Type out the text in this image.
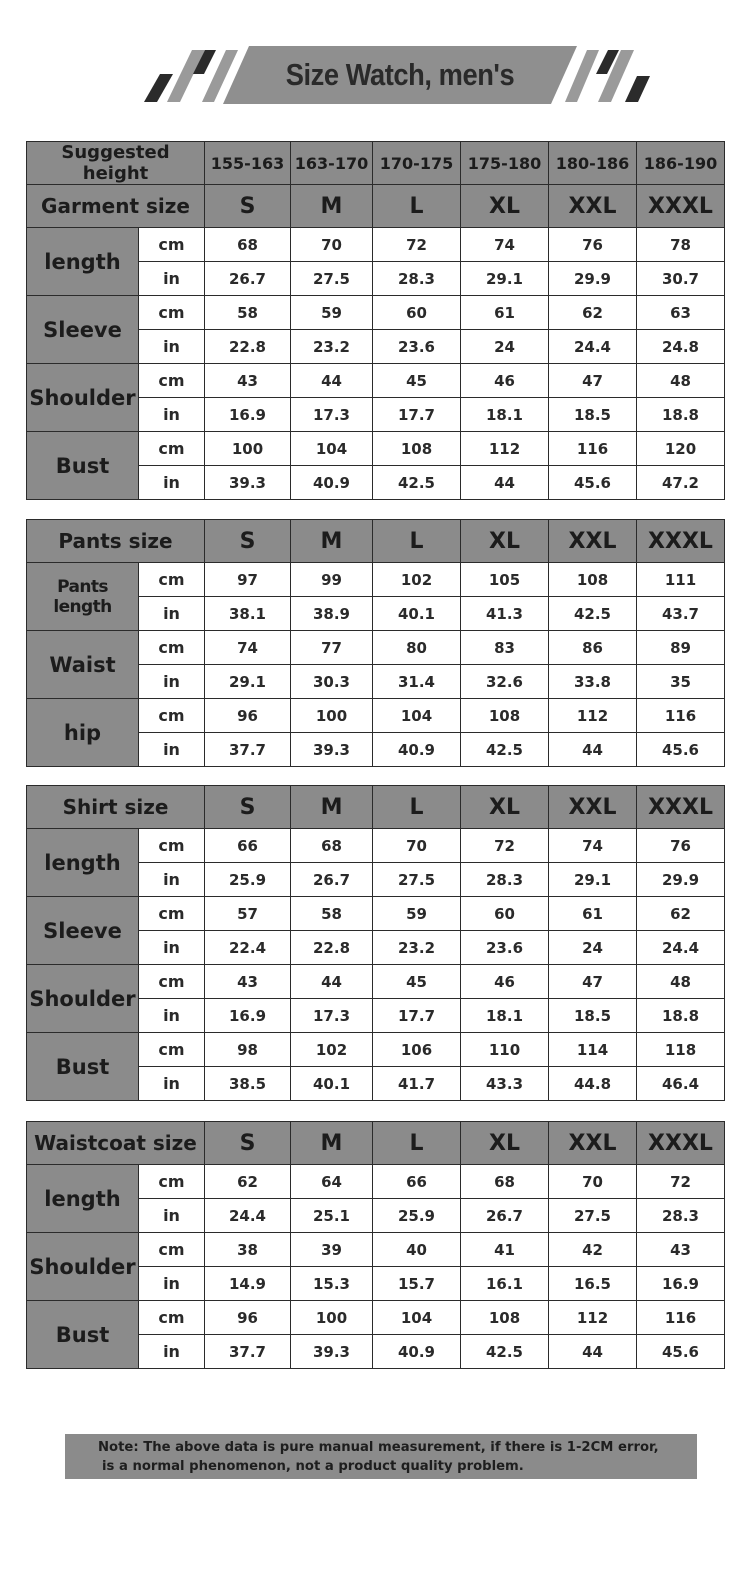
Size Watch, men's
Suggested height		155-163	163-170	170-175	175-180	180-186	186-190
Garment size		S	M	L	XL	XXL	XXXL
length	cm	68	70	72	74	76	78
	in	26.7	27.5	28.3	29.1	29.9	30.7
Sleeve	cm	58	59	60	61	62	63
	in	22.8	23.2	23.6	24	24.4	24.8
Shoulder	cm	43	44	45	46	47	48
	in	16.9	17.3	17.7	18.1	18.5	18.8
Bust	cm	100	104	108	112	116	120
	in	39.3	40.9	42.5	44	45.6	47.2
Pants size		S	M	L	XL	XXL	XXXL
Pants length	cm	97	99	102	105	108	111
	in	38.1	38.9	40.1	41.3	42.5	43.7
Waist	cm	74	77	80	83	86	89
	in	29.1	30.3	31.4	32.6	33.8	35
hip	cm	96	100	104	108	112	116
	in	37.7	39.3	40.9	42.5	44	45.6
Shirt size		S	M	L	XL	XXL	XXXL
length	cm	66	68	70	72	74	76
	in	25.9	26.7	27.5	28.3	29.1	29.9
Sleeve	cm	57	58	59	60	61	62
	in	22.4	22.8	23.2	23.6	24	24.4
Shoulder	cm	43	44	45	46	47	48
	in	16.9	17.3	17.7	18.1	18.5	18.8
Bust	cm	98	102	106	110	114	118
	in	38.5	40.1	41.7	43.3	44.8	46.4
Waistcoat size		S	M	L	XL	XXL	XXXL
length	cm	62	64	66	68	70	72
	in	24.4	25.1	25.9	26.7	27.5	28.3
Shoulder	cm	38	39	40	41	42	43
	in	14.9	15.3	15.7	16.1	16.5	16.9
Bust	cm	96	100	104	108	112	116
	in	37.7	39.3	40.9	42.5	44	45.6

Note: The above data is pure manual measurement, if there is 1-2CM error,

is a normal phenomenon, not a product quality problem.
